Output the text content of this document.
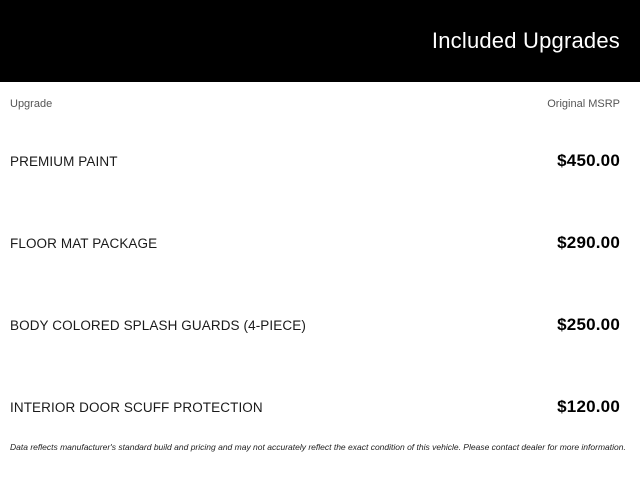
Included Upgrades
Upgrade	Original MSRP
PREMIUM PAINT	$450.00
FLOOR MAT PACKAGE	$290.00
BODY COLORED SPLASH GUARDS (4-PIECE)	$250.00
INTERIOR DOOR SCUFF PROTECTION	$120.00
Data reflects manufacturer's standard build and pricing and may not accurately reflect the exact condition of this vehicle. Please contact dealer for more information.
